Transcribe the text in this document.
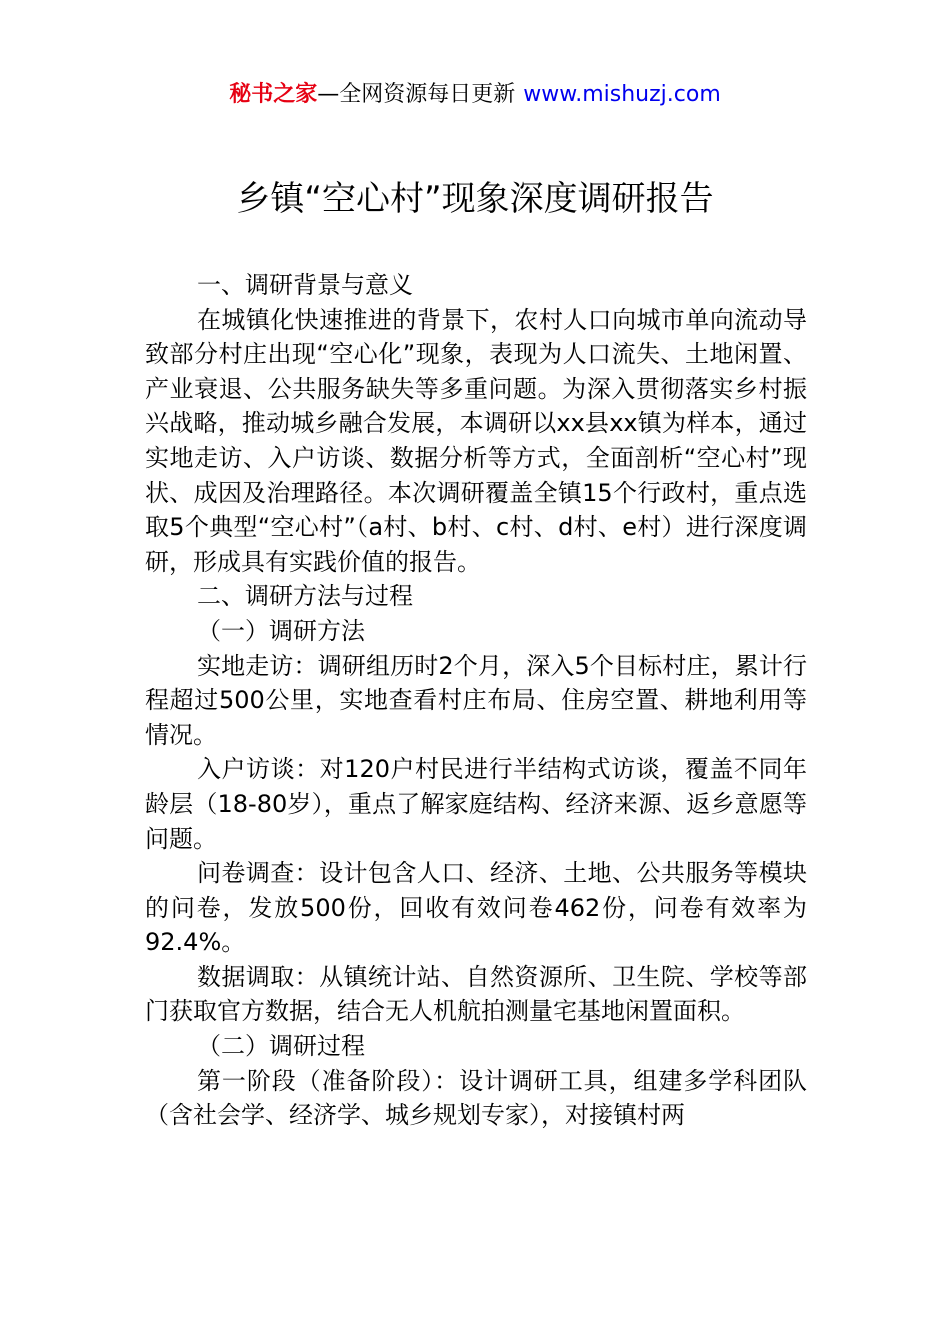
秘书之家—全网资源每日更新 www.mishuzj.com
乡镇“空心村”现象深度调研报告

一、调研背景与意义

在城镇化快速推进的背景下，农村人口向城市单向流动导致部分村庄出现“空心化”现象，表现为人口流失、土地闲置、产业衰退、公共服务缺失等多重问题。为深入贯彻落实乡村振兴战略，推动城乡融合发展，本调研以xx县xx镇为样本，通过实地走访、入户访谈、数据分析等方式，全面剖析“空心村”现状、成因及治理路径。本次调研覆盖全镇15个行政村，重点选取5个典型“空心村”（a村、b村、c村、d村、e村）进行深度调研，形成具有实践价值的报告。

二、调研方法与过程

（一）调研方法

实地走访：调研组历时2个月，深入5个目标村庄，累计行程超过500公里，实地查看村庄布局、住房空置、耕地利用等情况。

入户访谈：对120户村民进行半结构式访谈，覆盖不同年龄层（18-80岁），重点了解家庭结构、经济来源、返乡意愿等问题。

问卷调查：设计包含人口、经济、土地、公共服务等模块的问卷，发放500份，回收有效问卷462份，问卷有效率为92.4%。

数据调取：从镇统计站、自然资源所、卫生院、学校等部门获取官方数据，结合无人机航拍测量宅基地闲置面积。

（二）调研过程

第一阶段（准备阶段）：设计调研工具，组建多学科团队（含社会学、经济学、城乡规划专家），对接镇村两
